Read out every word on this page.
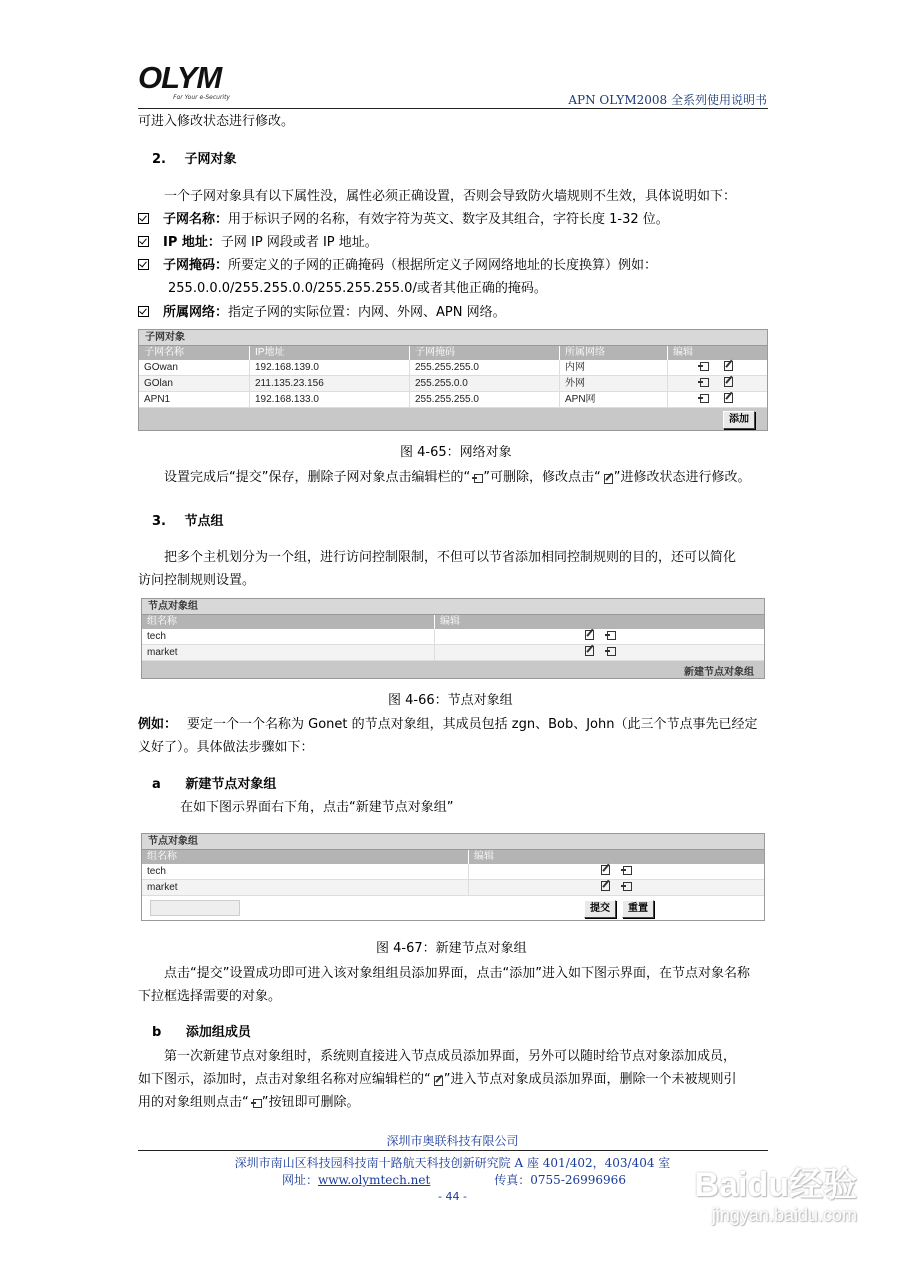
OLYM
For Your e-Security	APN OLYM2008 全系列使用说明书
可进入修改状态进行修改。
2. 子网对象
一个子网对象具有以下属性没，属性必须正确设置，否则会导致防火墙规则不生效，具体说明如下：
子网名称：用于标识子网的名称，有效字符为英文、数字及其组合，字符长度 1-32 位。
IP 地址：子网 IP 网段或者 IP 地址。
子网掩码：所要定义的子网的正确掩码（根据所定义子网网络地址的长度换算）例如：
255.0.0.0/255.255.0.0/255.255.255.0/或者其他正确的掩码。
所属网络：指定子网的实际位置：内网、外网、APN 网络。
子网对象
子网名称	IP地址	子网掩码	所属网络	编辑
GOwan	192.168.139.0	255.255.255.0	内网

GOlan	211.135.23.156	255.255.0.0	外网

APN1	192.168.133.0	255.255.255.0	APN网

添加
图 4-65：网络对象
设置完成后“提交”保存，删除子网对象点击编辑栏的“ ”可删除，修改点击“ ”进修改状态进行修改。
3. 节点组
把多个主机划分为一个组，进行访问控制限制，不但可以节省添加相同控制规则的目的，还可以简化
访问控制规则设置。
节点对象组
组名称	编辑
tech

market

新建节点对象组
图 4-66：节点对象组
例如： 要定一个一个名称为 Gonet 的节点对象组，其成员包括 zgn、Bob、John（此三个节点事先已经定
义好了）。具体做法步骤如下：
a 新建节点对象组
在如下图示界面右下角，点击“新建节点对象组”
节点对象组
组名称	编辑
tech

market

提交	重置
图 4-67：新建节点对象组
点击“提交”设置成功即可进入该对象组组员添加界面，点击“添加”进入如下图示界面，在节点对象名称
下拉框选择需要的对象。
b 添加组成员
第一次新建节点对象组时，系统则直接进入节点成员添加界面，另外可以随时给节点对象添加成员，
如下图示，添加时，点击对象组名称对应编辑栏的“ ”进入节点对象成员添加界面，删除一个未被规则引
用的对象组则点击“ ”按钮即可删除。
深圳市奥联科技有限公司
深圳市南山区科技园科技南十路航天科技创新研究院 A 座 401/402，403/404 室
网址：www.olymtech.net	传真：0755-26996966
- 44 -	Baidu经验
jingyan.baidu.com
